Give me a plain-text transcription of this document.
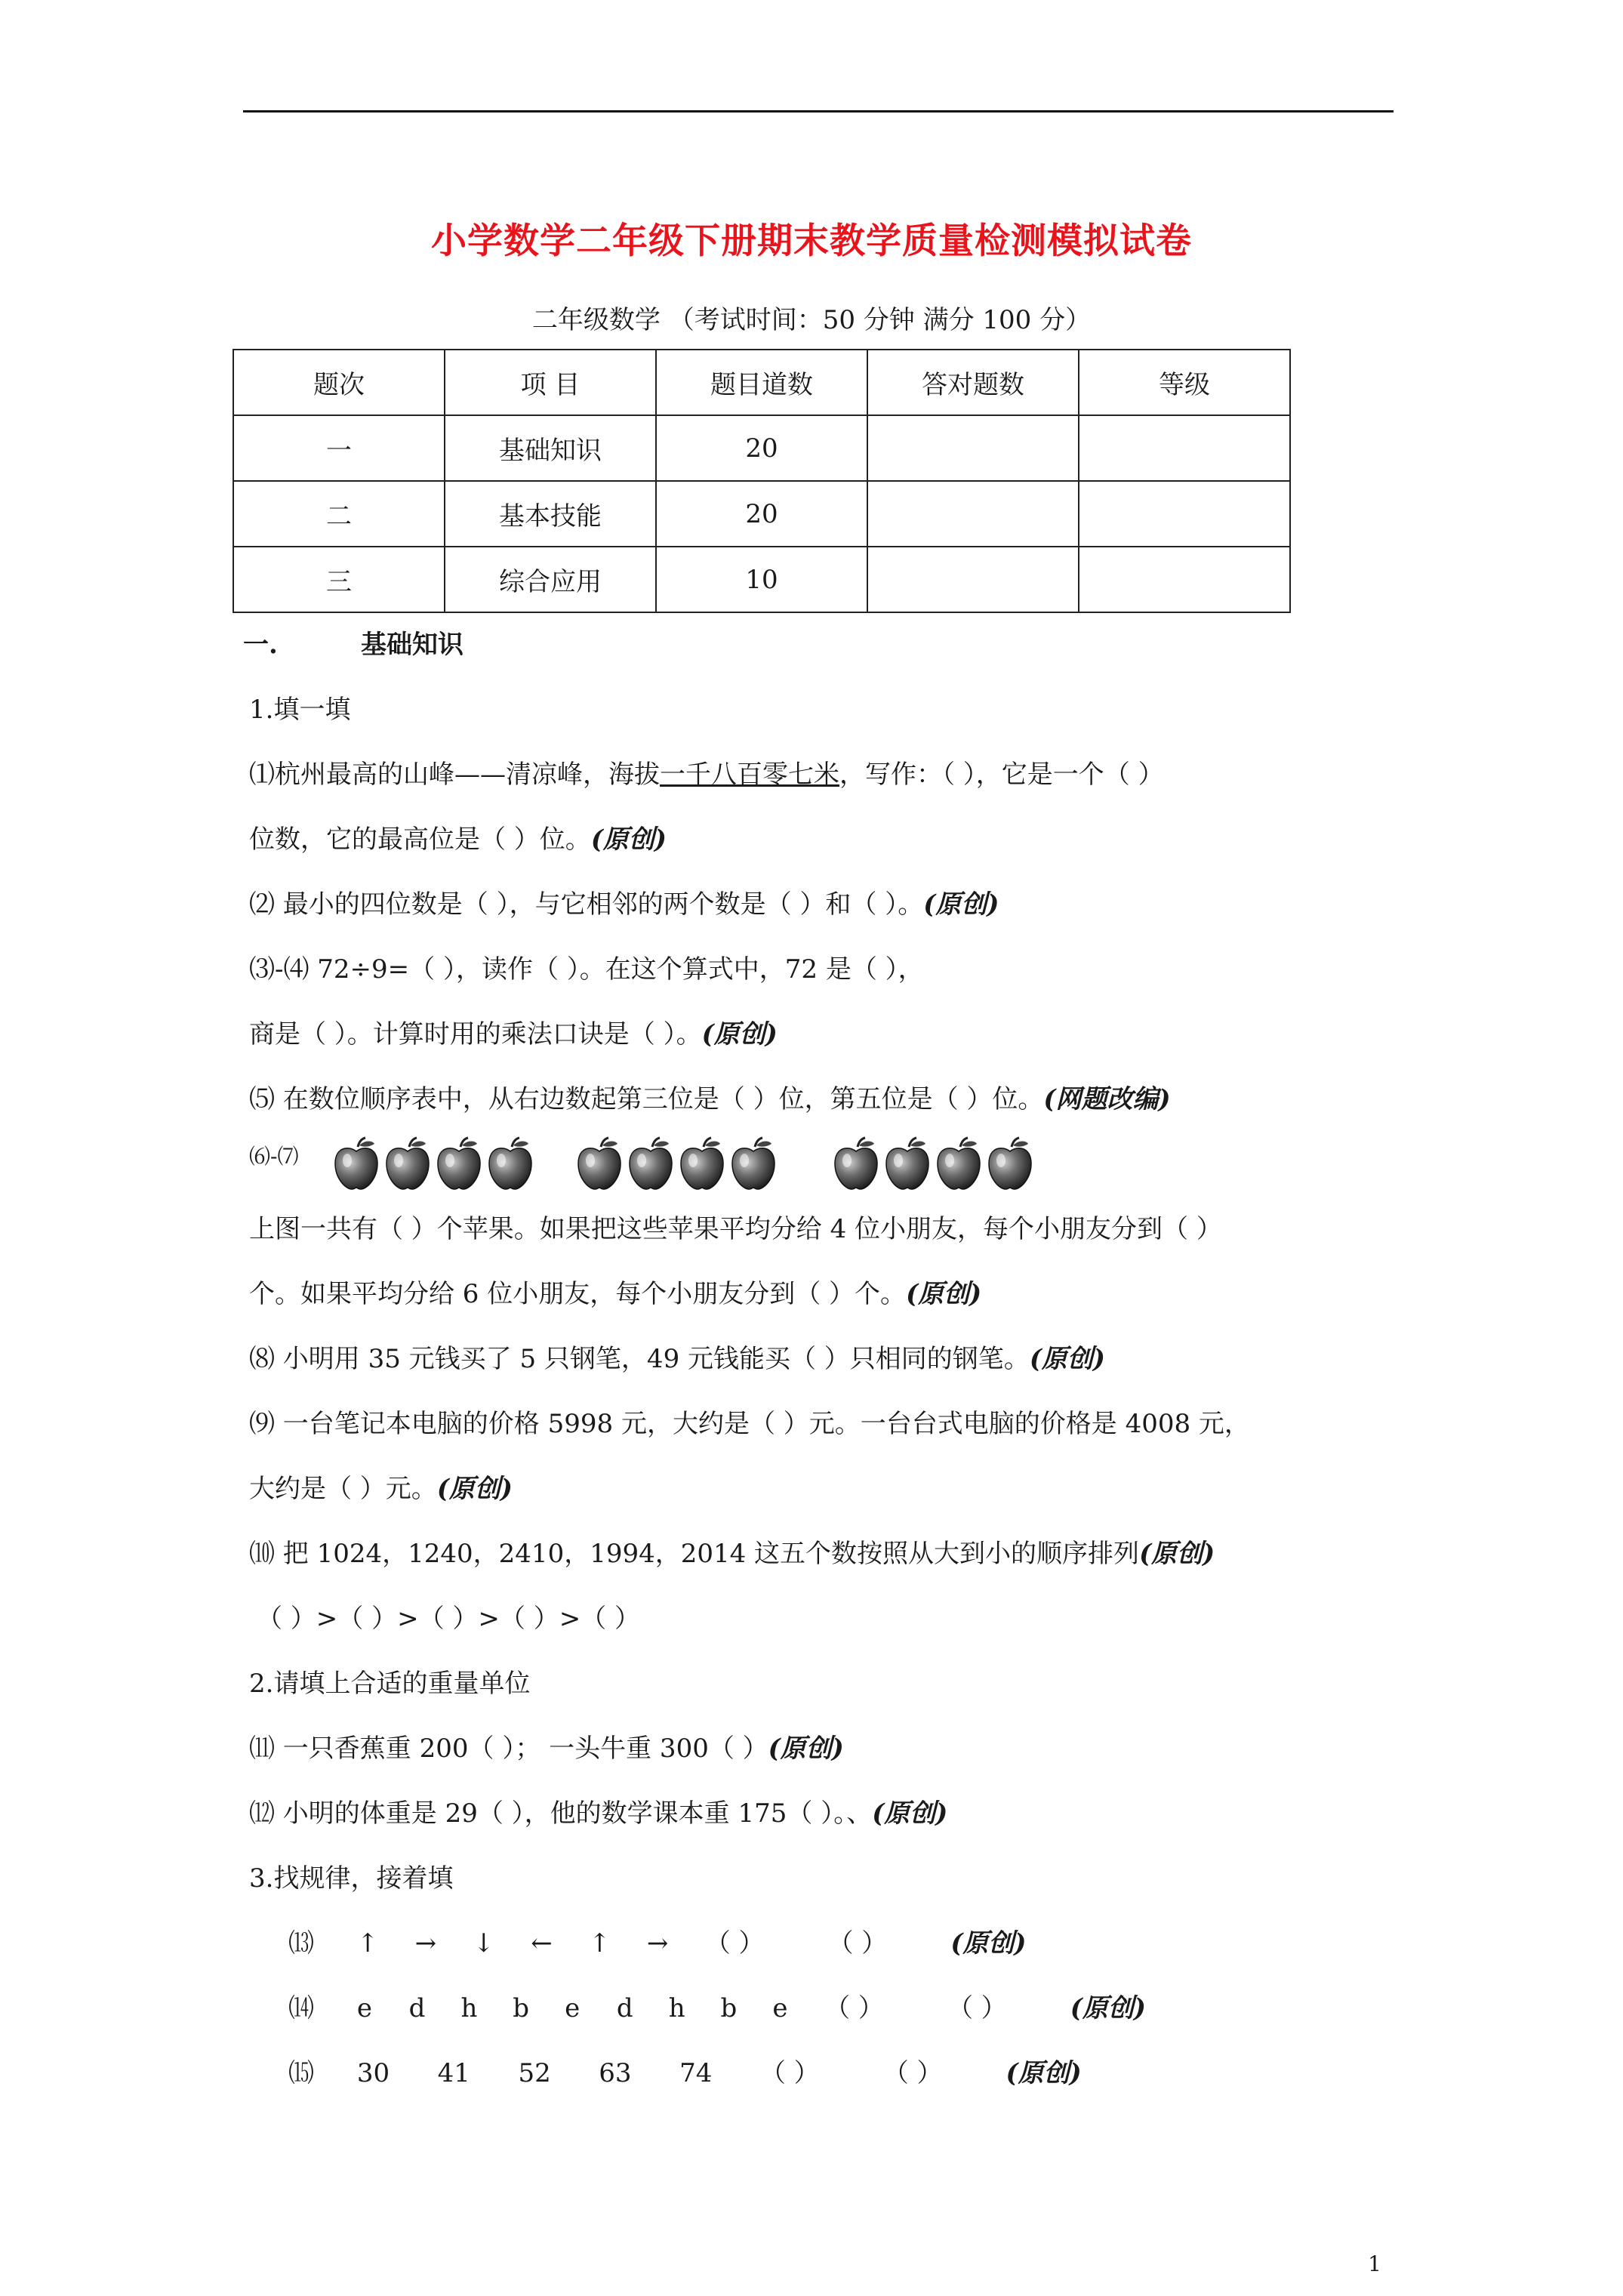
小学数学二年级下册期末教学质量检测模拟试卷
二年级数学 （考试时间：50 分钟 满分 100 分）
题次	项 目	题目道数	答对题数	等级
一	基础知识	20		
二	基本技能	20		
三	综合应用	10		
一.	基础知识
1.填一填
⑴杭州最高的山峰——清凉峰，海拔一千八百零七米，写作：（ ），它是一个（ ）
位数，它的最高位是（ ）位。(原创)
⑵ 最小的四位数是（ ），与它相邻的两个数是（ ）和（ ）。(原创)
⑶-⑷ 72÷9=（ ），读作（ ）。在这个算式中，72 是（ ），
商是（ ）。计算时用的乘法口诀是（ ）。(原创)
⑸ 在数位顺序表中，从右边数起第三位是（ ）位，第五位是（ ）位。(网题改编)
⑹-⑺
上图一共有（ ）个苹果。如果把这些苹果平均分给 4 位小朋友，每个小朋友分到（ ）
个。如果平均分给 6 位小朋友，每个小朋友分到（ ）个。(原创)
⑻ 小明用 35 元钱买了 5 只钢笔，49 元钱能买（ ）只相同的钢笔。(原创)
⑼ 一台笔记本电脑的价格 5998 元，大约是（ ）元。一台台式电脑的价格是 4008 元，
大约是（ ）元。(原创)
⑽ 把 1024，1240，2410，1994，2014 这五个数按照从大到小的顺序排列(原创)
（ ）>（ ）>（ ）>（ ）>（ ）
2.请填上合适的重量单位
⑾ 一只香蕉重 200（ ）； 一头牛重 300（ ）(原创)
⑿ 小明的体重是 29（ ），他的数学课本重 175（ ）。、(原创)
3.找规律，接着填
⒀ ↑ → ↓ ← ↑ → （ ） （ ） (原创)
⒁ e d h b e d h b e （ ） （ ） (原创)
⒂ 30 41 52 63 74 （ ） （ ） (原创)
1
